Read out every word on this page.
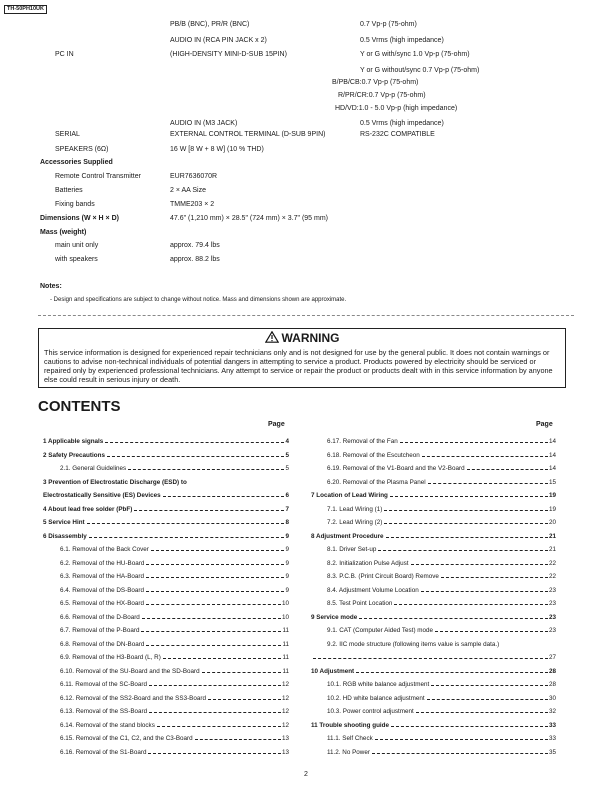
TH-50PH10UK
PB/B (BNC), PR/R (BNC)	0.7 Vp-p (75-ohm)
AUDIO IN (RCA PIN JACK x 2)	0.5 Vrms (high impedance)
PC IN	(HIGH-DENSITY MINI-D-SUB 15PIN)	Y or G with/sync 1.0 Vp-p (75-ohm)
Y or G without/sync 0.7 Vp-p (75-ohm)
B/PB/CB:0.7 Vp-p (75-ohm)
R/PR/CR:0.7 Vp-p (75-ohm)
HD/VD:1.0 - 5.0 Vp-p (high impedance)
AUDIO IN (M3 JACK)	0.5 Vrms (high impedance)
SERIAL	EXTERNAL CONTROL TERMINAL (D-SUB 9PIN)	RS-232C COMPATIBLE
SPEAKERS (6Ω)	16 W [8 W + 8 W] (10 % THD)
Accessories Supplied
Remote Control Transmitter	EUR7636070R
Batteries	2 × AA Size
Fixing bands	TMME203 × 2
Dimensions (W × H × D)	47.6" (1,210 mm) × 28.5" (724 mm) × 3.7" (95 mm)
Mass (weight)
main unit only	approx. 79.4 lbs
with speakers	approx. 88.2 lbs
Notes:
- Design and specifications are subject to change without notice. Mass and dimensions shown are approximate.
WARNING
This service information is designed for experienced repair technicians only and is not designed for use by the general public. It does not contain warnings or cautions to advise non-technical individuals of potential dangers in attempting to service a product. Products powered by electricity should be serviced or repaired only by experienced professional technicians. Any attempt to service or repair the product or products dealt with in this service information by anyone else could result in serious injury or death.
CONTENTS
Page	Page
1 Applicable signals	4
2 Safety Precautions	5
2.1. General Guidelines	5
3 Prevention of Electrostatic Discharge (ESD) to
Electrostatically Sensitive (ES) Devices	6
4 About lead free solder (PbF)	7
5 Service Hint	8
6 Disassembly	9
6.1. Removal of the Back Cover	9
6.2. Removal of the HU-Board	9
6.3. Removal of the HA-Board	9
6.4. Removal of the DS-Board	9
6.5. Removal of the HX-Board	10
6.6. Removal of the D-Board	10
6.7. Removal of the P-Board	11
6.8. Removal of the DN-Board	11
6.9. Removal of the H3-Board (L, R)	11
6.10. Removal of the SU-Board and the SD-Board	11
6.11. Removal of the SC-Board	12
6.12. Removal of the SS2-Board and the SS3-Board	12
6.13. Removal of the SS-Board	12
6.14. Removal of the stand blocks	12
6.15. Removal of the C1, C2, and the C3-Board	13
6.16. Removal of the S1-Board	13
6.17. Removal of the Fan	14
6.18. Removal of the Escutcheon	14
6.19. Removal of the V1-Board and the V2-Board	14
6.20. Removal of the Plasma Panel	15
7 Location of Lead Wiring	19
7.1. Lead Wiring (1)	19
7.2. Lead Wiring (2)	20
8 Adjustment Procedure	21
8.1. Driver Set-up	21
8.2. Initialization Pulse Adjust	22
8.3. P.C.B. (Print Circuit Board) Remove	22
8.4. Adjustment Volume Location	23
8.5. Test Point Location	23
9 Service mode	23
9.1. CAT (Computer Aided Test) mode	23
9.2. IIC mode structure (following items value is sample data.)
27
10 Adjustment	28
10.1. RGB white balance adjustment	28
10.2. HD white balance adjustment	30
10.3. Power control adjustment	32
11 Trouble shooting guide	33
11.1. Self Check	33
11.2. No Power	35
2
